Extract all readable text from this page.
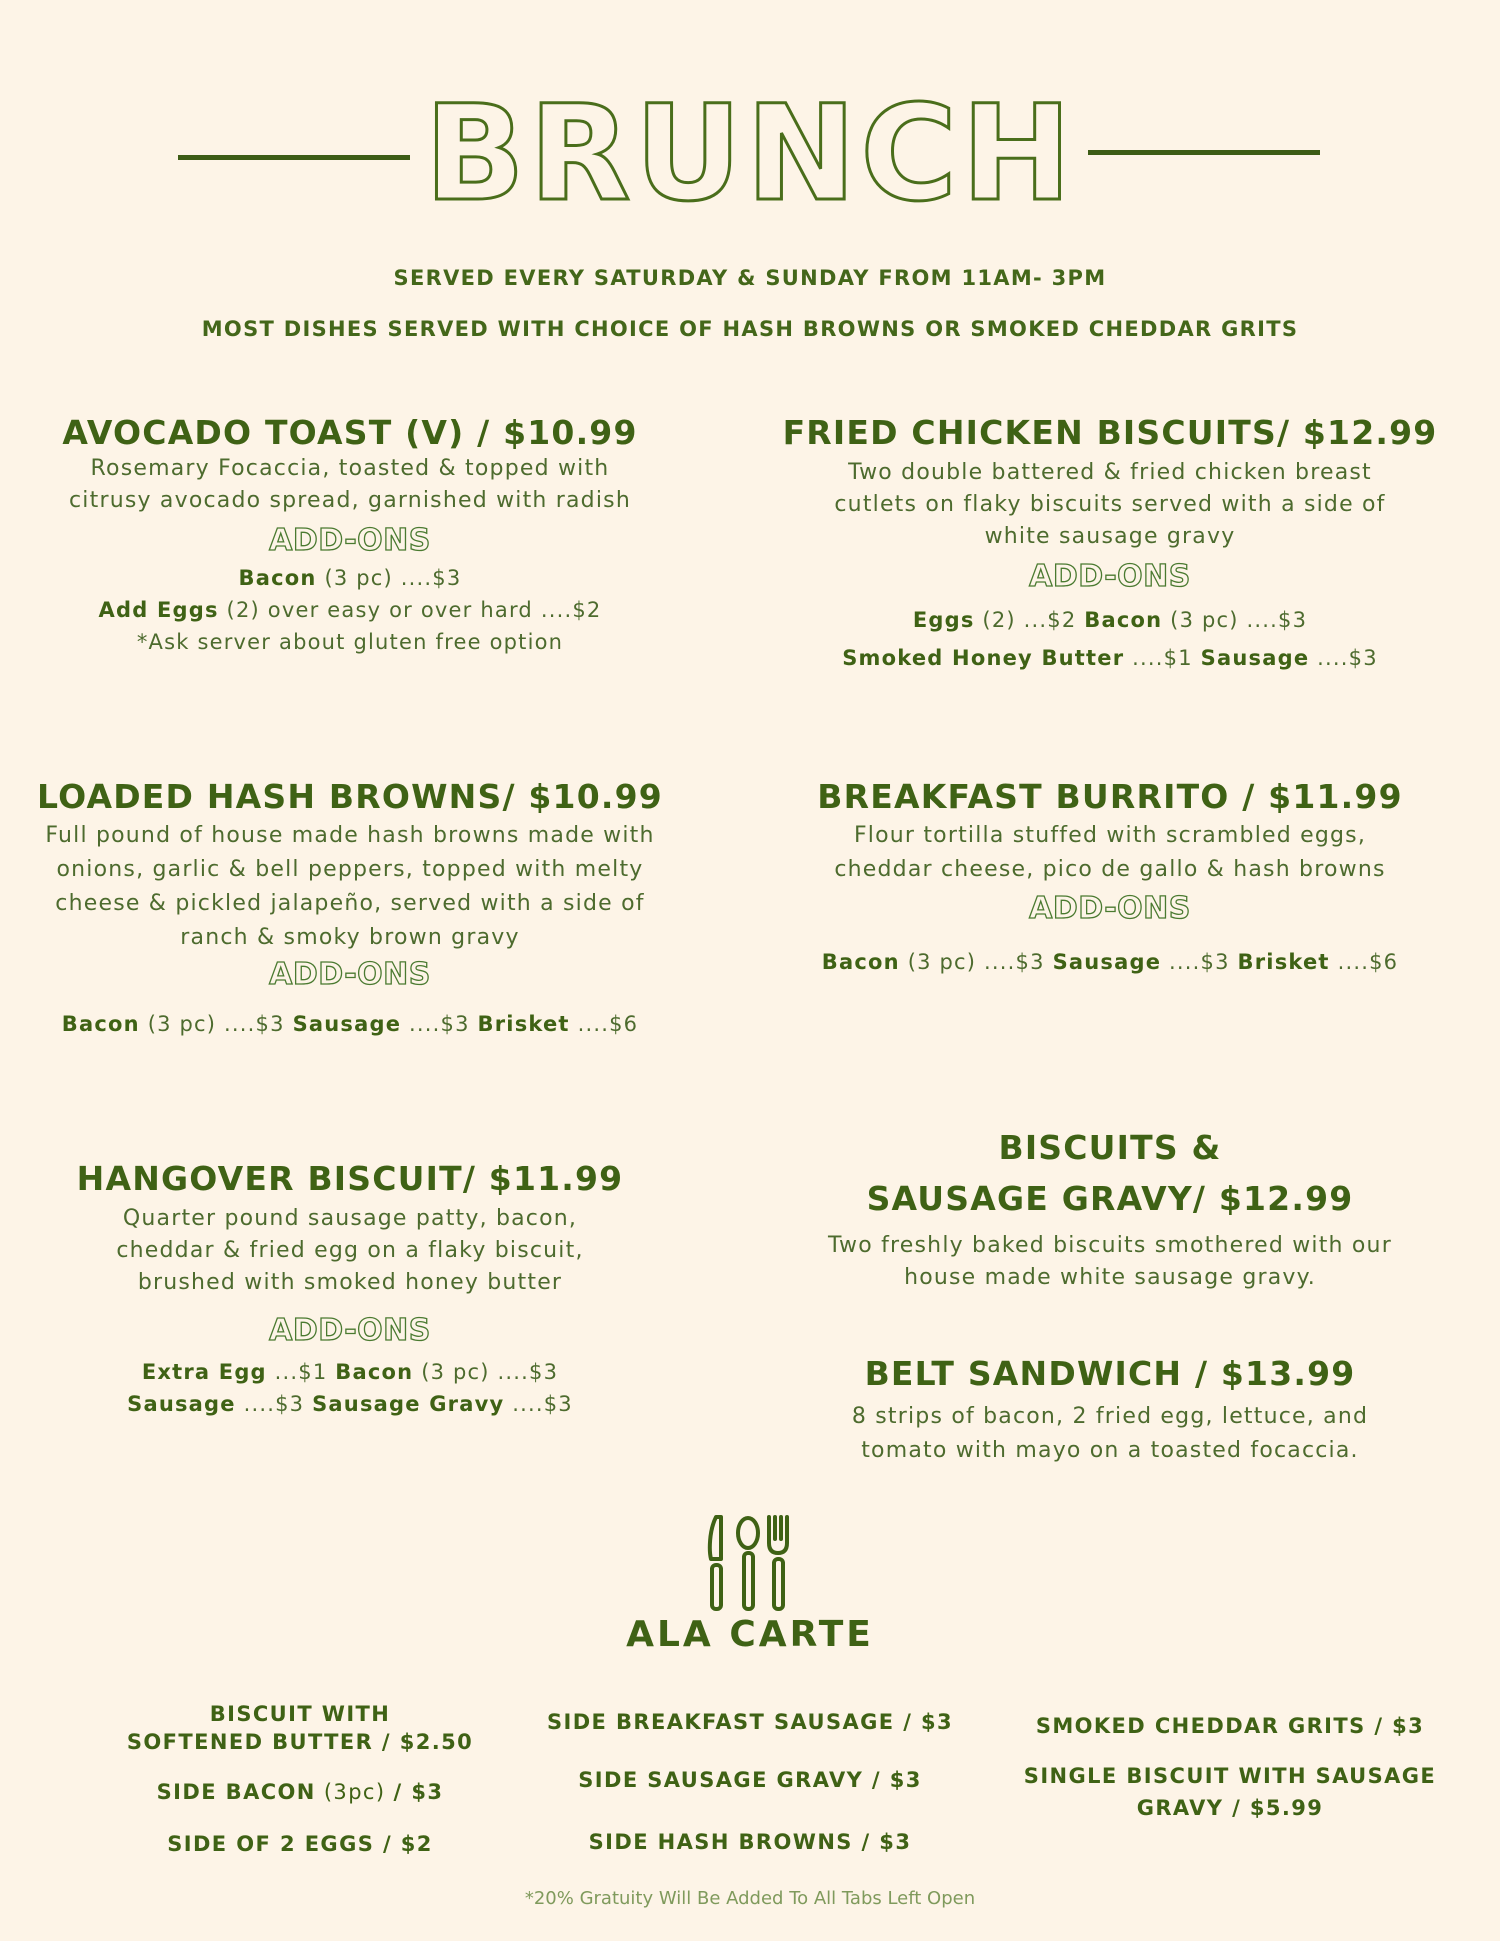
BRUNCH
SERVED EVERY SATURDAY & SUNDAY FROM 11AM- 3PM
MOST DISHES SERVED WITH CHOICE OF HASH BROWNS OR SMOKED CHEDDAR GRITS
AVOCADO TOAST (V) / $10.99
Rosemary Focaccia, toasted & topped with
citrusy avocado spread, garnished with radish
ADD-ONS
Bacon (3 pc) ....$3
Add Eggs (2) over easy or over hard ....$2
*Ask server about gluten free option
FRIED CHICKEN BISCUITS/ $12.99
Two double battered & fried chicken breast
cutlets on flaky biscuits served with a side of
white sausage gravy
ADD-ONS
Eggs (2) ...$2 Bacon (3 pc) ....$3
Smoked Honey Butter ....$1 Sausage ....$3
LOADED HASH BROWNS/ $10.99
Full pound of house made hash browns made with
onions, garlic & bell peppers, topped with melty
cheese & pickled jalapeño, served with a side of
ranch & smoky brown gravy
ADD-ONS
Bacon (3 pc) ....$3 Sausage ....$3 Brisket ....$6
BREAKFAST BURRITO / $11.99
Flour tortilla stuffed with scrambled eggs,
cheddar cheese, pico de gallo & hash browns
ADD-ONS
Bacon (3 pc) ....$3 Sausage ....$3 Brisket ....$6
HANGOVER BISCUIT/ $11.99
Quarter pound sausage patty, bacon,
cheddar & fried egg on a flaky biscuit,
brushed with smoked honey butter
ADD-ONS
Extra Egg ...$1 Bacon (3 pc) ....$3
Sausage ....$3 Sausage Gravy ....$3
BISCUITS &
SAUSAGE GRAVY/ $12.99
Two freshly baked biscuits smothered with our
house made white sausage gravy.
BELT SANDWICH / $13.99
8 strips of bacon, 2 fried egg, lettuce, and
tomato with mayo on a toasted focaccia.
ALA CARTE
BISCUIT WITH
SOFTENED BUTTER / $2.50
SIDE BACON (3pc) / $3
SIDE OF 2 EGGS / $2
SIDE BREAKFAST SAUSAGE / $3
SIDE SAUSAGE GRAVY / $3
SIDE HASH BROWNS / $3
SMOKED CHEDDAR GRITS / $3
SINGLE BISCUIT WITH SAUSAGE
GRAVY / $5.99
*20% Gratuity Will Be Added To All Tabs Left Open
